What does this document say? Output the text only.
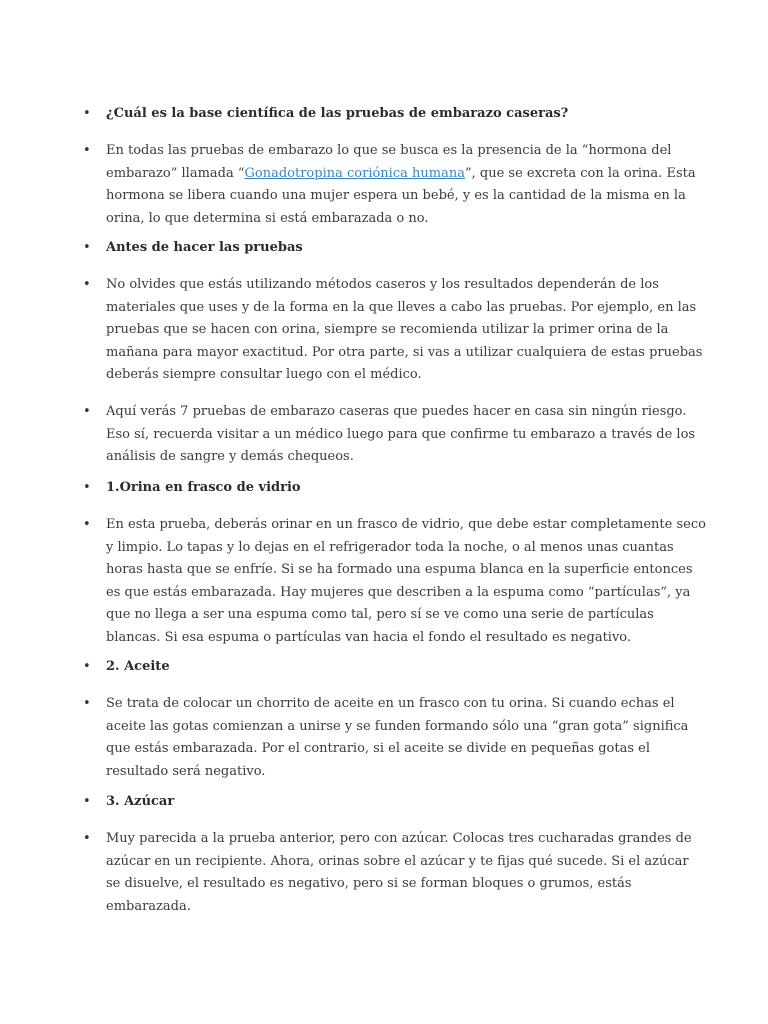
• ¿Cuál es la base científica de las pruebas de embarazo caseras?
• En todas las pruebas de embarazo lo que se busca es la presencia de la “hormona del
embarazo” llamada “Gonadotropina coriónica humana”, que se excreta con la orina. Esta
hormona se libera cuando una mujer espera un bebé, y es la cantidad de la misma en la
orina, lo que determina si está embarazada o no.
• Antes de hacer las pruebas
• No olvides que estás utilizando métodos caseros y los resultados dependerán de los
materiales que uses y de la forma en la que lleves a cabo las pruebas. Por ejemplo, en las
pruebas que se hacen con orina, siempre se recomienda utilizar la primer orina de la
mañana para mayor exactitud. Por otra parte, si vas a utilizar cualquiera de estas pruebas
deberás siempre consultar luego con el médico.
• Aquí verás 7 pruebas de embarazo caseras que puedes hacer en casa sin ningún riesgo.
Eso sí, recuerda visitar a un médico luego para que confirme tu embarazo a través de los
análisis de sangre y demás chequeos.
• 1.Orina en frasco de vidrio
• En esta prueba, deberás orinar en un frasco de vidrio, que debe estar completamente seco
y limpio. Lo tapas y lo dejas en el refrigerador toda la noche, o al menos unas cuantas
horas hasta que se enfríe. Si se ha formado una espuma blanca en la superficie entonces
es que estás embarazada. Hay mujeres que describen a la espuma como “partículas”, ya
que no llega a ser una espuma como tal, pero sí se ve como una serie de partículas
blancas. Si esa espuma o partículas van hacia el fondo el resultado es negativo.
• 2. Aceite
• Se trata de colocar un chorrito de aceite en un frasco con tu orina. Si cuando echas el
aceite las gotas comienzan a unirse y se funden formando sólo una “gran gota” significa
que estás embarazada. Por el contrario, si el aceite se divide en pequeñas gotas el
resultado será negativo.
• 3. Azúcar
• Muy parecida a la prueba anterior, pero con azúcar. Colocas tres cucharadas grandes de
azúcar en un recipiente. Ahora, orinas sobre el azúcar y te fijas qué sucede. Si el azúcar
se disuelve, el resultado es negativo, pero si se forman bloques o grumos, estás
embarazada.
